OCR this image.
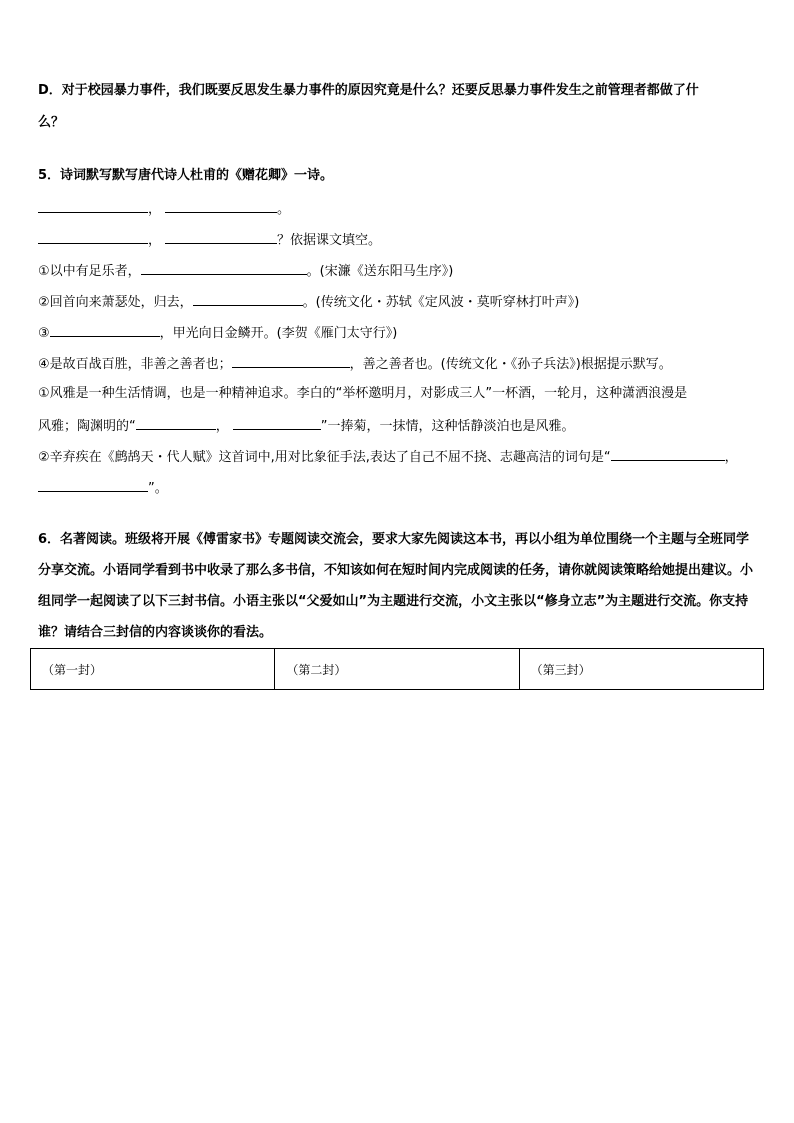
D．对于校园暴力事件，我们既要反思发生暴力事件的原因究竟是什么？还要反思暴力事件发生之前管理者都做了什
么？
5．诗词默写默写唐代诗人杜甫的《赠花卿》一诗。
，	。
，	？依据课文填空。
①以中有足乐者，	。(宋濂《送东阳马生序》)
②回首向来萧瑟处，归去，	。(传统文化・苏轼《定风波・莫听穿林打叶声》)
③	，甲光向日金鳞开。(李贺《雁门太守行》)
④是故百战百胜，非善之善者也；	，善之善者也。(传统文化・《孙子兵法》)根据提示默写。
①风雅是一种生活情调，也是一种精神追求。李白的“举杯邀明月，对影成三人”一杯酒，一轮月，这种潇洒浪漫是
风雅；陶渊明的“	，	”一捧菊，一抹情，这种恬静淡泊也是风雅。
②辛弃疾在《鹧鸪天・代人赋》这首词中,用对比象征手法,表达了自己不屈不挠、志趣高洁的词句是“	，
”。
6．名著阅读。班级将开展《傅雷家书》专题阅读交流会，要求大家先阅读这本书，再以小组为单位围绕一个主题与全班同学分享交流。小语同学看到书中收录了那么多书信，不知该如何在短时间内完成阅读的任务，请你就阅读策略给她提出建议。小组同学一起阅读了以下三封书信。小语主张以“父爱如山”为主题进行交流，小文主张以“修身立志”为主题进行交流。你支持谁？请结合三封信的内容谈谈你的看法。
（第一封）	（第二封）	（第三封）
